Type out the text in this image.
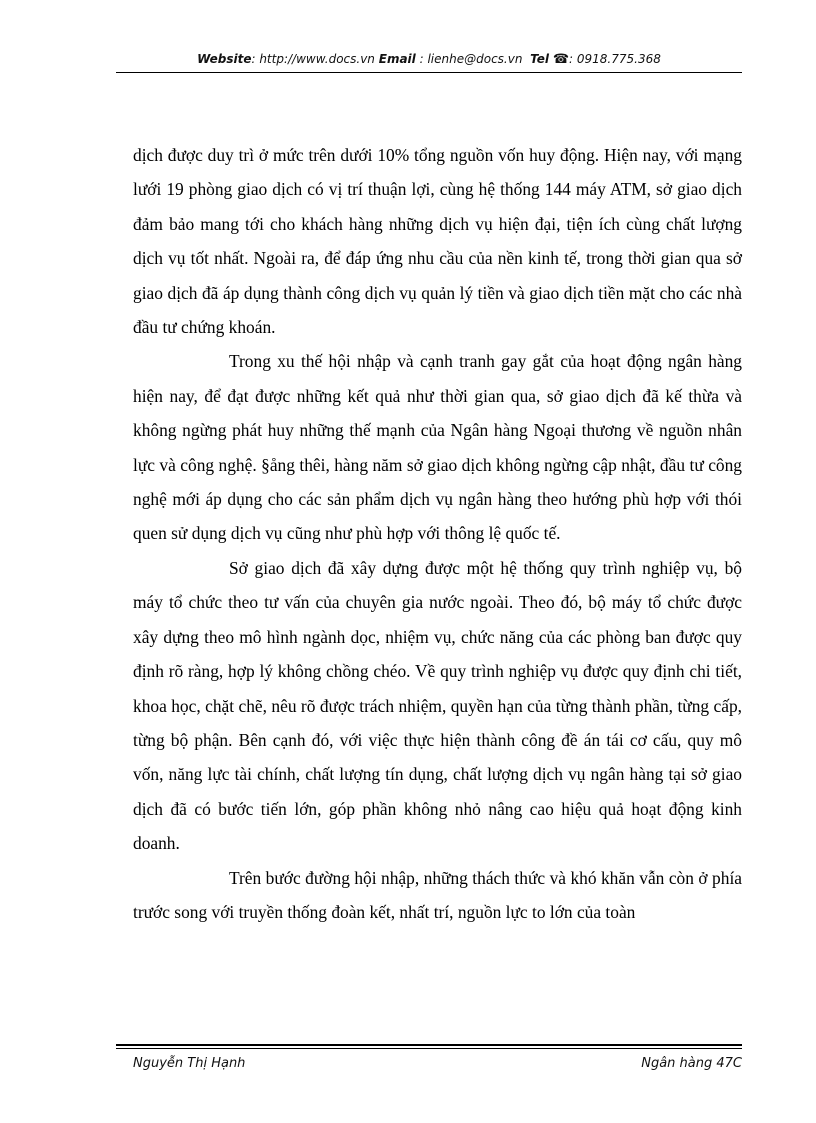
Website: http://www.docs.vn Email : lienhe@docs.vn Tel ☎: 0918.775.368

dịch được duy trì ở mức trên dưới 10% tổng nguồn vốn huy động. Hiện nay, với mạng lưới 19 phòng giao dịch có vị trí thuận lợi, cùng hệ thống 144 máy ATM, sở giao dịch đảm bảo mang tới cho khách hàng những dịch vụ hiện đại, tiện ích cùng chất lượng dịch vụ tốt nhất. Ngoài ra, để đáp ứng nhu cầu của nền kinh tế, trong thời gian qua sở giao dịch đã áp dụng thành công dịch vụ quản lý tiền và giao dịch tiền mặt cho các nhà đầu tư chứng khoán.

Trong xu thế hội nhập và cạnh tranh gay gắt của hoạt động ngân hàng hiện nay, để đạt được những kết quả như thời gian qua, sở giao dịch đã kế thừa và không ngừng phát huy những thế mạnh của Ngân hàng Ngoại thương về nguồn nhân lực và công nghệ. §ång thêi, hàng năm sở giao dịch không ngừng cập nhật, đầu tư công nghệ mới áp dụng cho các sản phẩm dịch vụ ngân hàng theo hướng phù hợp với thói quen sử dụng dịch vụ cũng như phù hợp với thông lệ quốc tế.

Sở giao dịch đã xây dựng được một hệ thống quy trình nghiệp vụ, bộ máy tổ chức theo tư vấn của chuyên gia nước ngoài. Theo đó, bộ máy tổ chức được xây dựng theo mô hình ngành dọc, nhiệm vụ, chức năng của các phòng ban được quy định rõ ràng, hợp lý không chồng chéo. Về quy trình nghiệp vụ được quy định chi tiết, khoa học, chặt chẽ, nêu rõ được trách nhiệm, quyền hạn của từng thành phần, từng cấp, từng bộ phận. Bên cạnh đó, với việc thực hiện thành công đề án tái cơ cấu, quy mô vốn, năng lực tài chính, chất lượng tín dụng, chất lượng dịch vụ ngân hàng tại sở giao dịch đã có bước tiến lớn, góp phần không nhỏ nâng cao hiệu quả hoạt động kinh doanh.

Trên bước đường hội nhập, những thách thức và khó khăn vẫn còn ở phía trước song với truyền thống đoàn kết, nhất trí, nguồn lực to lớn của toàn

Nguyễn Thị Hạnh	Ngân hàng 47C
